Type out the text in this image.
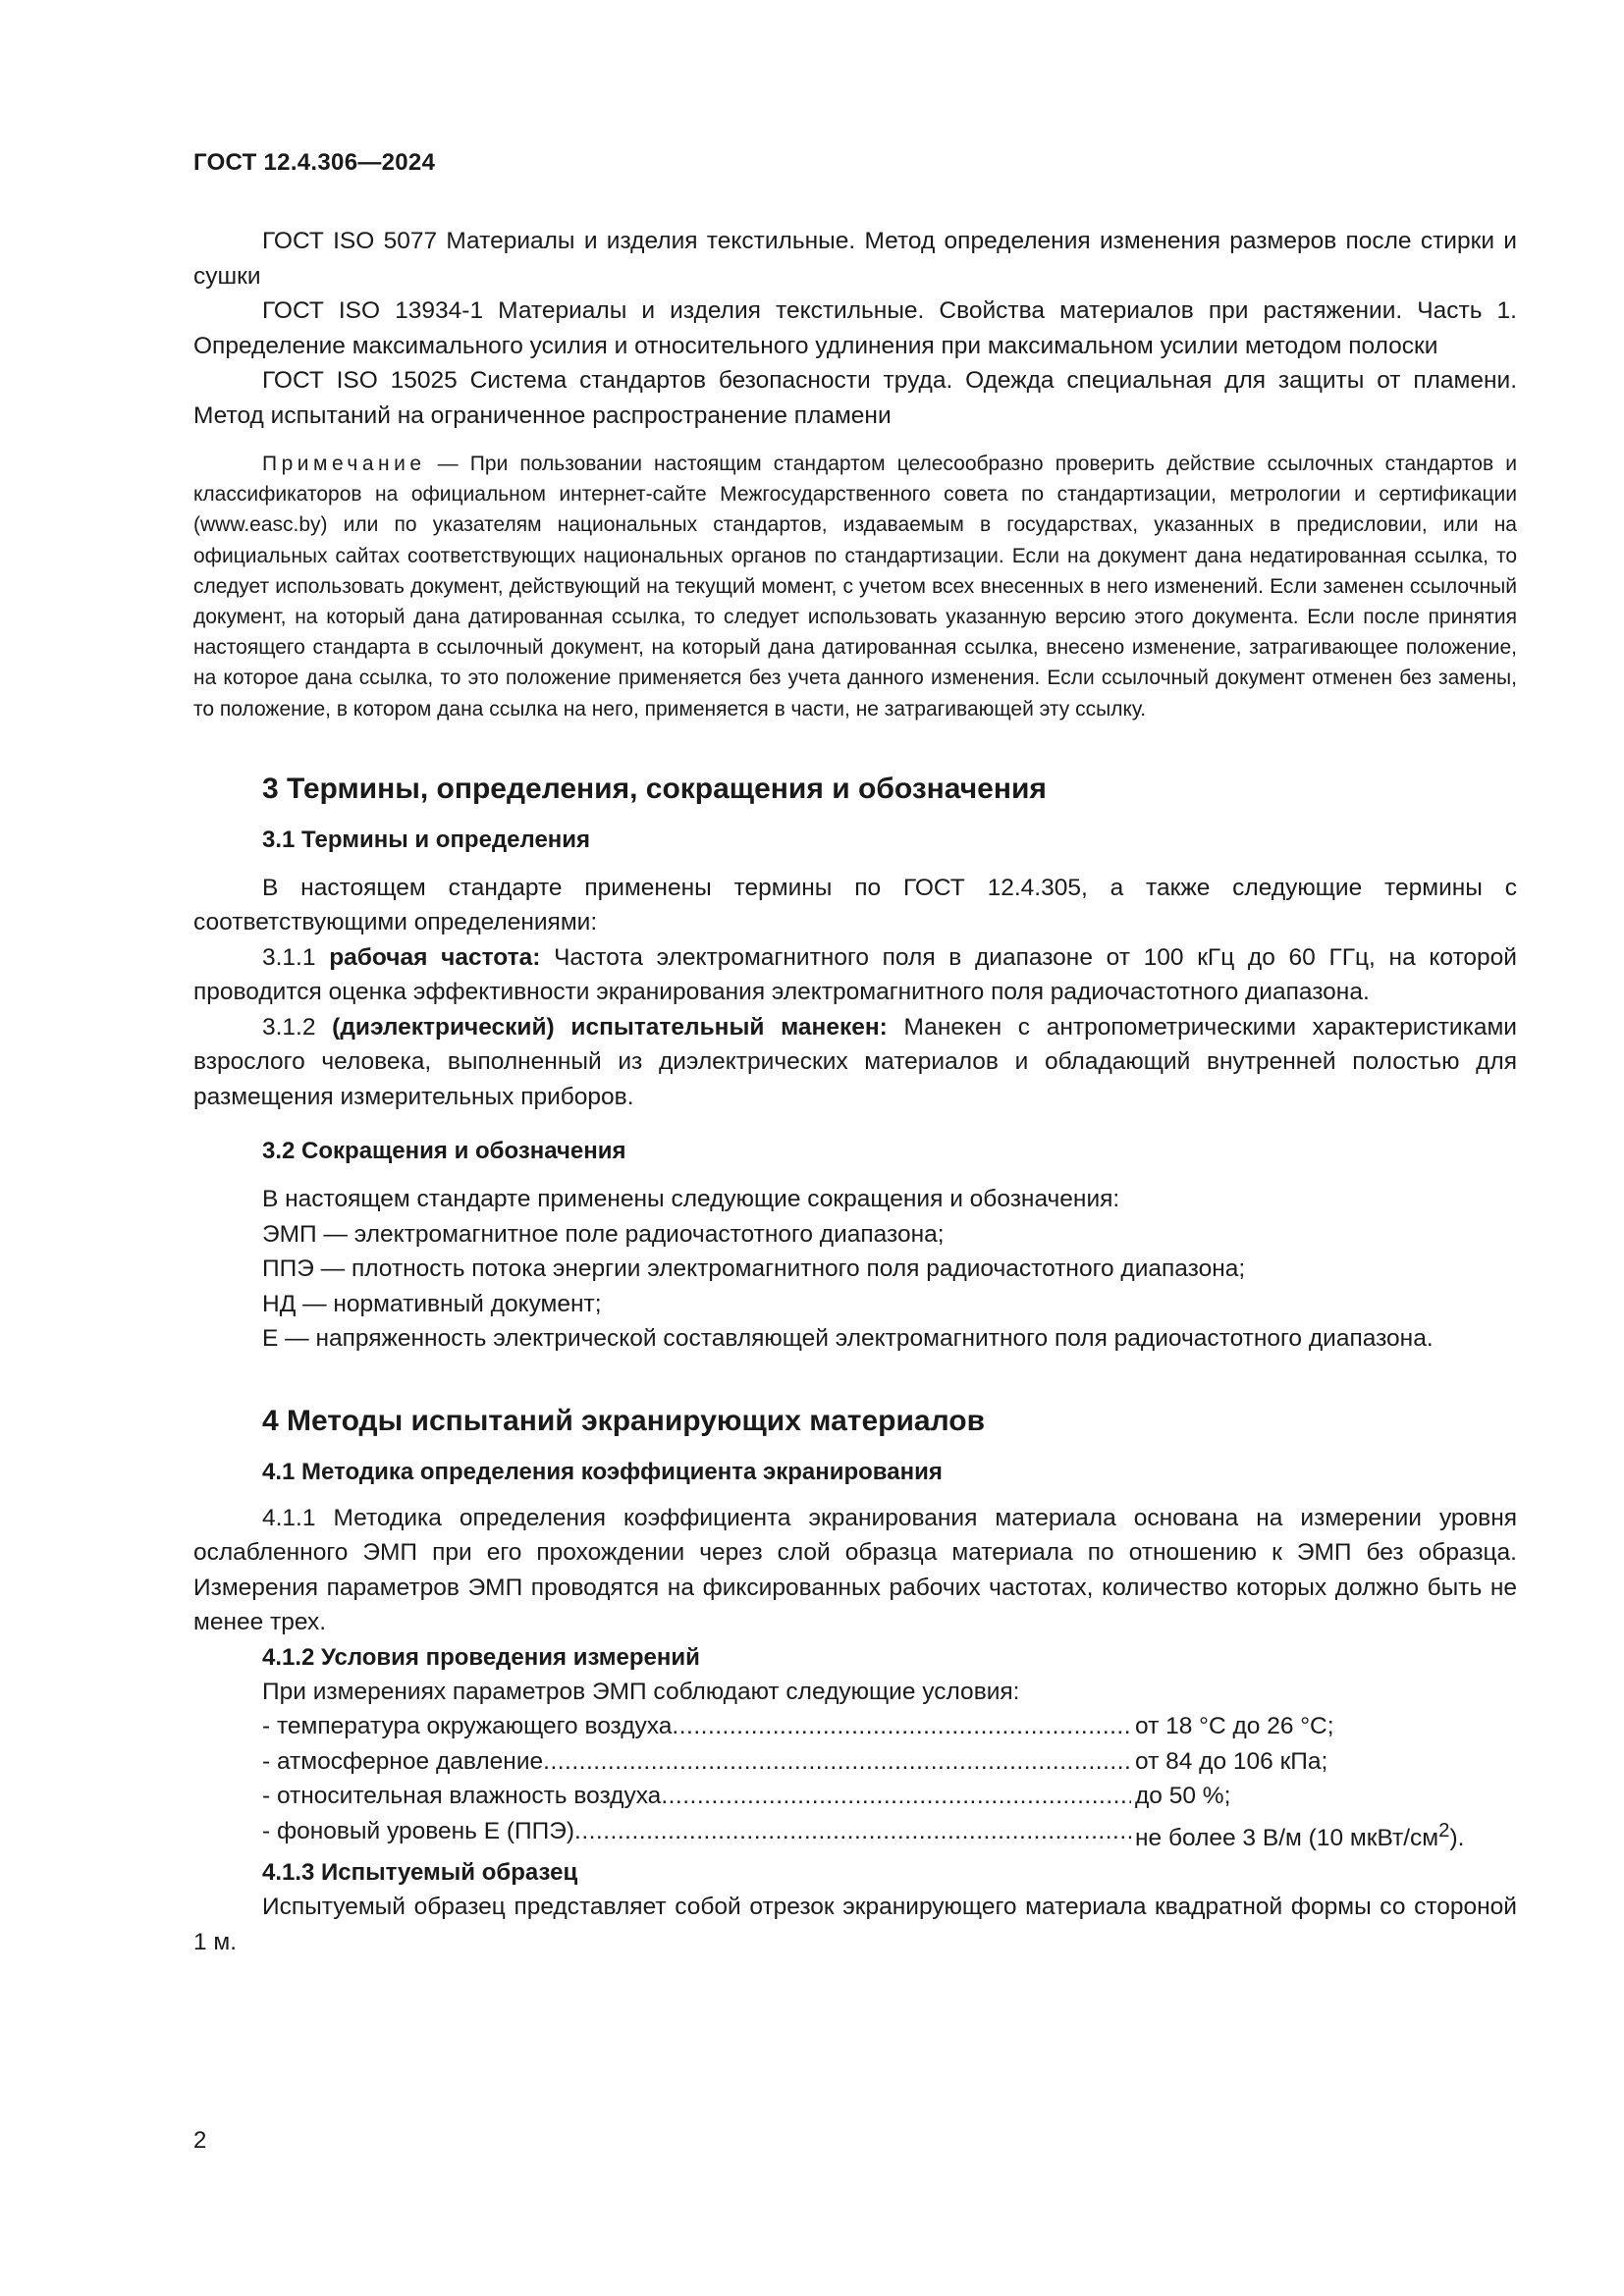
ГОСТ 12.4.306—2024

ГОСТ ISO 5077 Материалы и изделия текстильные. Метод определения изменения размеров после стирки и сушки

ГОСТ ISO 13934-1 Материалы и изделия текстильные. Свойства материалов при растяжении. Часть 1. Определение максимального усилия и относительного удлинения при максимальном усилии методом полоски

ГОСТ ISO 15025 Система стандартов безопасности труда. Одежда специальная для защиты от пламени. Метод испытаний на ограниченное распространение пламени

Примечание — При пользовании настоящим стандартом целесообразно проверить действие ссылочных стандартов и классификаторов на официальном интернет-сайте Межгосударственного совета по стандартизации, метрологии и сертификации (www.easc.by) или по указателям национальных стандартов, издаваемым в государствах, указанных в предисловии, или на официальных сайтах соответствующих национальных органов по стандартизации. Если на документ дана недатированная ссылка, то следует использовать документ, действующий на текущий момент, с учетом всех внесенных в него изменений. Если заменен ссылочный документ, на который дана датированная ссылка, то следует использовать указанную версию этого документа. Если после принятия настоящего стандарта в ссылочный документ, на который дана датированная ссылка, внесено изменение, затрагивающее положение, на которое дана ссылка, то это положение применяется без учета данного изменения. Если ссылочный документ отменен без замены, то положение, в котором дана ссылка на него, применяется в части, не затрагивающей эту ссылку.

3 Термины, определения, сокращения и обозначения
3.1 Термины и определения

В настоящем стандарте применены термины по ГОСТ 12.4.305, а также следующие термины с соответствующими определениями:

3.1.1 рабочая частота: Частота электромагнитного поля в диапазоне от 100 кГц до 60 ГГц, на которой проводится оценка эффективности экранирования электромагнитного поля радиочастотного диапазона.

3.1.2 (диэлектрический) испытательный манекен: Манекен с антропометрическими характеристиками взрослого человека, выполненный из диэлектрических материалов и обладающий внутренней полостью для размещения измерительных приборов.

3.2 Сокращения и обозначения

В настоящем стандарте применены следующие сокращения и обозначения:

ЭМП — электромагнитное поле радиочастотного диапазона;

ППЭ — плотность потока энергии электромагнитного поля радиочастотного диапазона;

НД — нормативный документ;

Е — напряженность электрической составляющей электромагнитного поля радиочастотного диапазона.

4 Методы испытаний экранирующих материалов
4.1 Методика определения коэффициента экранирования

4.1.1 Методика определения коэффициента экранирования материала основана на измерении уровня ослабленного ЭМП при его прохождении через слой образца материала по отношению к ЭМП без образца. Измерения параметров ЭМП проводятся на фиксированных рабочих частотах, количество которых должно быть не менее трех.

4.1.2 Условия проведения измерений

При измерениях параметров ЭМП соблюдают следующие условия:

- температура окружающего воздуха .....	от 18 °С до 26 °С;
- атмосферное давление .....	от 84 до 106 кПа;
- относительная влажность воздуха .....	до 50 %;
- фоновый уровень Е (ППЭ) .....	не более 3 В/м (10 мкВт/$см^2$).
4.1.3 Испытуемый образец

Испытуемый образец представляет собой отрезок экранирующего материала квадратной формы со стороной 1 м.

2
